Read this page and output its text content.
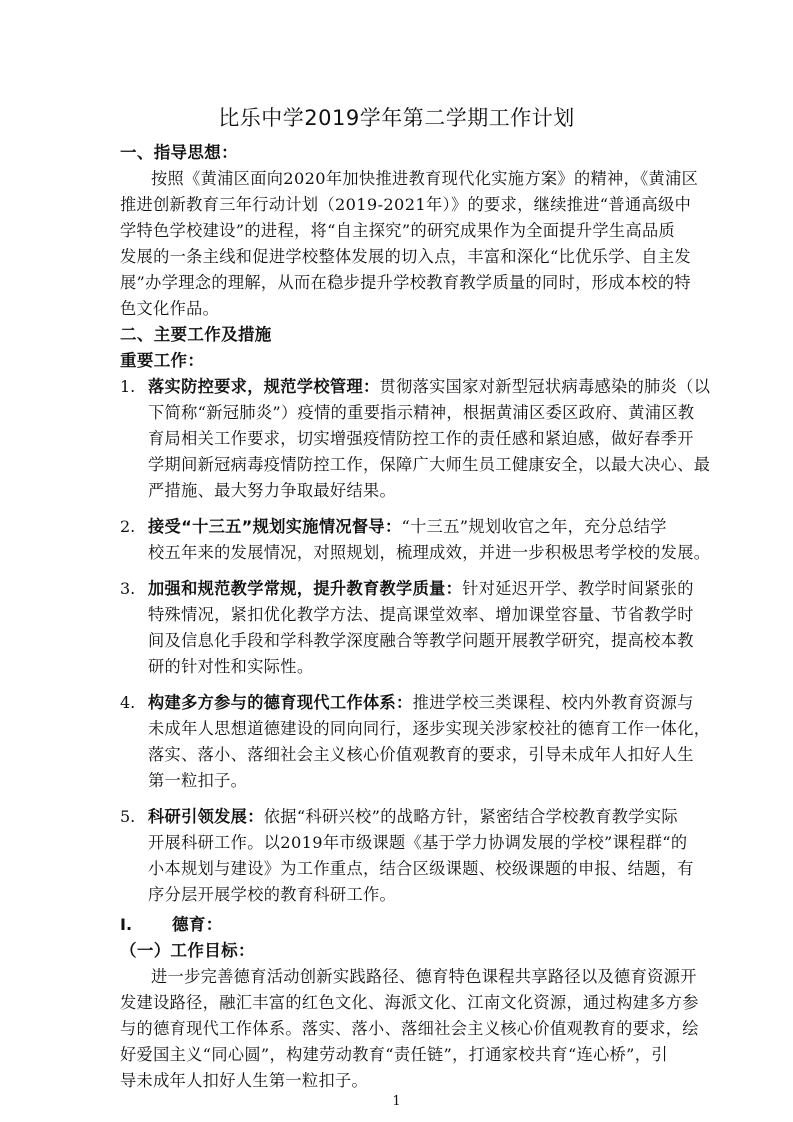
比乐中学2019学年第二学期工作计划
一、指导思想：
按照《黄浦区面向2020年加快推进教育现代化实施方案》的精神，《黄浦区
推进创新教育三年行动计划（2019-2021年）》的要求，继续推进“普通高级中
学特色学校建设”的进程，将“自主探究”的研究成果作为全面提升学生高品质
发展的一条主线和促进学校整体发展的切入点，丰富和深化“比优乐学、自主发
展”办学理念的理解，从而在稳步提升学校教育教学质量的同时，形成本校的特
色文化作品。
二、主要工作及措施
重要工作：
1. 落实防控要求，规范学校管理：贯彻落实国家对新型冠状病毒感染的肺炎（以
下简称“新冠肺炎”）疫情的重要指示精神，根据黄浦区委区政府、黄浦区教
育局相关工作要求，切实增强疫情防控工作的责任感和紧迫感，做好春季开
学期间新冠病毒疫情防控工作，保障广大师生员工健康安全，以最大决心、最
严措施、最大努力争取最好结果。
2. 接受“十三五”规划实施情况督导：“十三五”规划收官之年，充分总结学
校五年来的发展情况，对照规划，梳理成效，并进一步积极思考学校的发展。
3. 加强和规范教学常规，提升教育教学质量：针对延迟开学、教学时间紧张的
特殊情况，紧扣优化教学方法、提高课堂效率、增加课堂容量、节省教学时
间及信息化手段和学科教学深度融合等教学问题开展教学研究，提高校本教
研的针对性和实际性。
4. 构建多方参与的德育现代工作体系：推进学校三类课程、校内外教育资源与
未成年人思想道德建设的同向同行，逐步实现关涉家校社的德育工作一体化，
落实、落小、落细社会主义核心价值观教育的要求，引导未成年人扣好人生
第一粒扣子。
5. 科研引领发展：依据“科研兴校”的战略方针，紧密结合学校教育教学实际
开展科研工作。以2019年市级课题《基于学力协调发展的学校”课程群“的
小本规划与建设》为工作重点，结合区级课题、校级课题的申报、结题，有
序分层开展学校的教育科研工作。
I. 德育：
（一）工作目标：
进一步完善德育活动创新实践路径、德育特色课程共享路径以及德育资源开
发建设路径，融汇丰富的红色文化、海派文化、江南文化资源，通过构建多方参
与的德育现代工作体系。落实、落小、落细社会主义核心价值观教育的要求，绘
好爱国主义“同心圆”，构建劳动教育“责任链”，打通家校共育“连心桥”，引
导未成年人扣好人生第一粒扣子。
1
